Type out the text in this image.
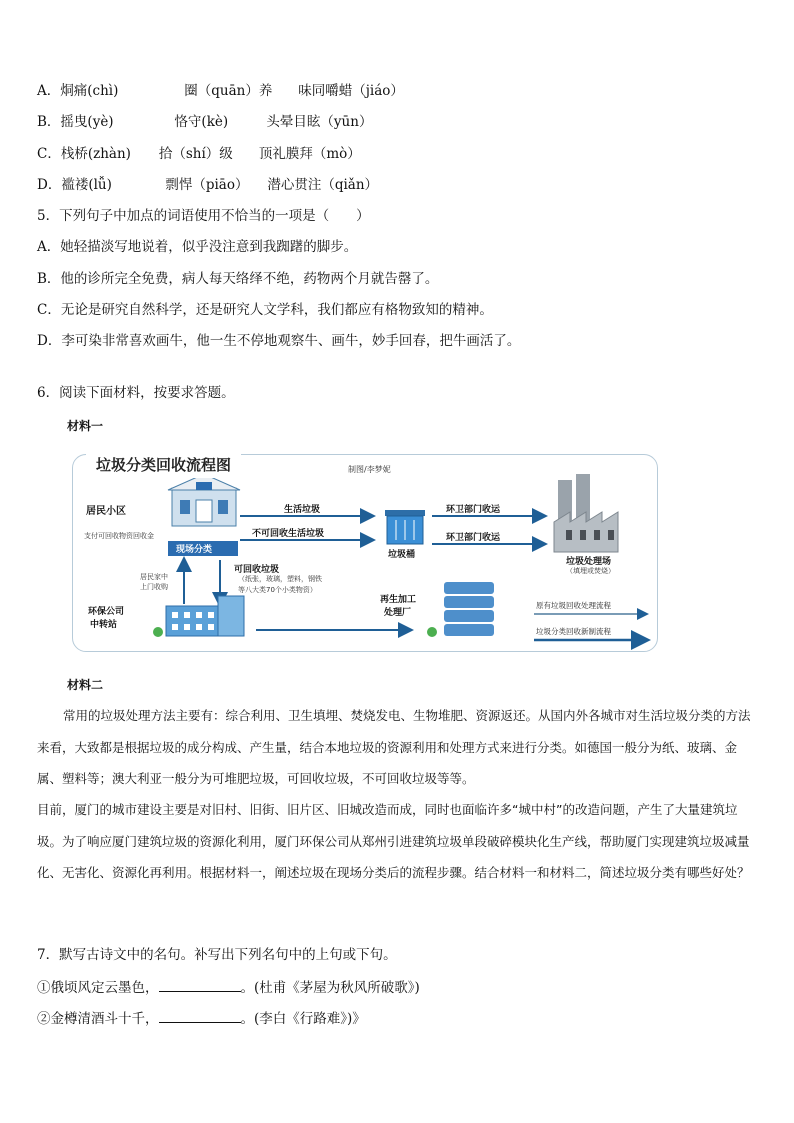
A．烔痛(chì)	圈（quān）养 味同嚼蜡（jiáo）
B．摇曳(yè)	恪守(kè)	头晕目眩（yūn）
C．栈桥(zhàn) 拾（shí）级 顶礼膜拜（mò）
D．褴褛(lǚ)	剽悍（piāo） 潜心贯注（qiǎn）
5．下列句子中加点的词语使用不恰当的一项是（　　）
A．她轻描淡写地说着，似乎没注意到我踟躇的脚步。
B．他的诊所完全免费，病人每天络绎不绝，药物两个月就告罄了。
C．无论是研究自然科学，还是研究人文学科，我们都应有格物致知的精神。
D．李可染非常喜欢画牛，他一生不停地观察牛、画牛，妙手回春，把牛画活了。
6．阅读下面材料，按要求答题。
材料一
垃圾分类回收流程图	制图/李梦妮
居民小区
支付可回收物资回收金
现场分类
生活垃圾
不可回收生活垃圾
垃圾桶
环卫部门收运
环卫部门收运
垃圾处理场
（填埋或焚烧）
可回收垃圾
（纸张，玻璃，塑料，钢铁
等八大类70个小类物资）
居民家中
上门收购
环保公司
中转站
再生加工
处理厂
原有垃圾回收处理流程
垃圾分类回收新制流程
材料二
常用的垃圾处理方法主要有：综合利用、卫生填埋、焚烧发电、生物堆肥、资源返还。从国内外各城市对生活垃圾分类的方法来看，大致都是根据垃圾的成分构成、产生量，结合本地垃圾的资源利用和处理方式来进行分类。如德国一般分为纸、玻璃、金属、塑料等；澳大利亚一般分为可堆肥垃圾，可回收垃圾，不可回收垃圾等等。
目前，厦门的城市建设主要是对旧村、旧街、旧片区、旧城改造而成，同时也面临许多“城中村”的改造问题，产生了大量建筑垃圾。为了响应厦门建筑垃圾的资源化利用，厦门环保公司从郑州引进建筑垃圾单段破碎模块化生产线，帮助厦门实现建筑垃圾减量化、无害化、资源化再利用。根据材料一，阐述垃圾在现场分类后的流程步骤。结合材料一和材料二，简述垃圾分类有哪些好处？
7．默写古诗文中的名句。补写出下列名句中的上句或下句。
①俄顷风定云墨色，	。(杜甫《茅屋为秋风所破歌》)
②金樽清酒斗十千，	。(李白《行路难》)》
